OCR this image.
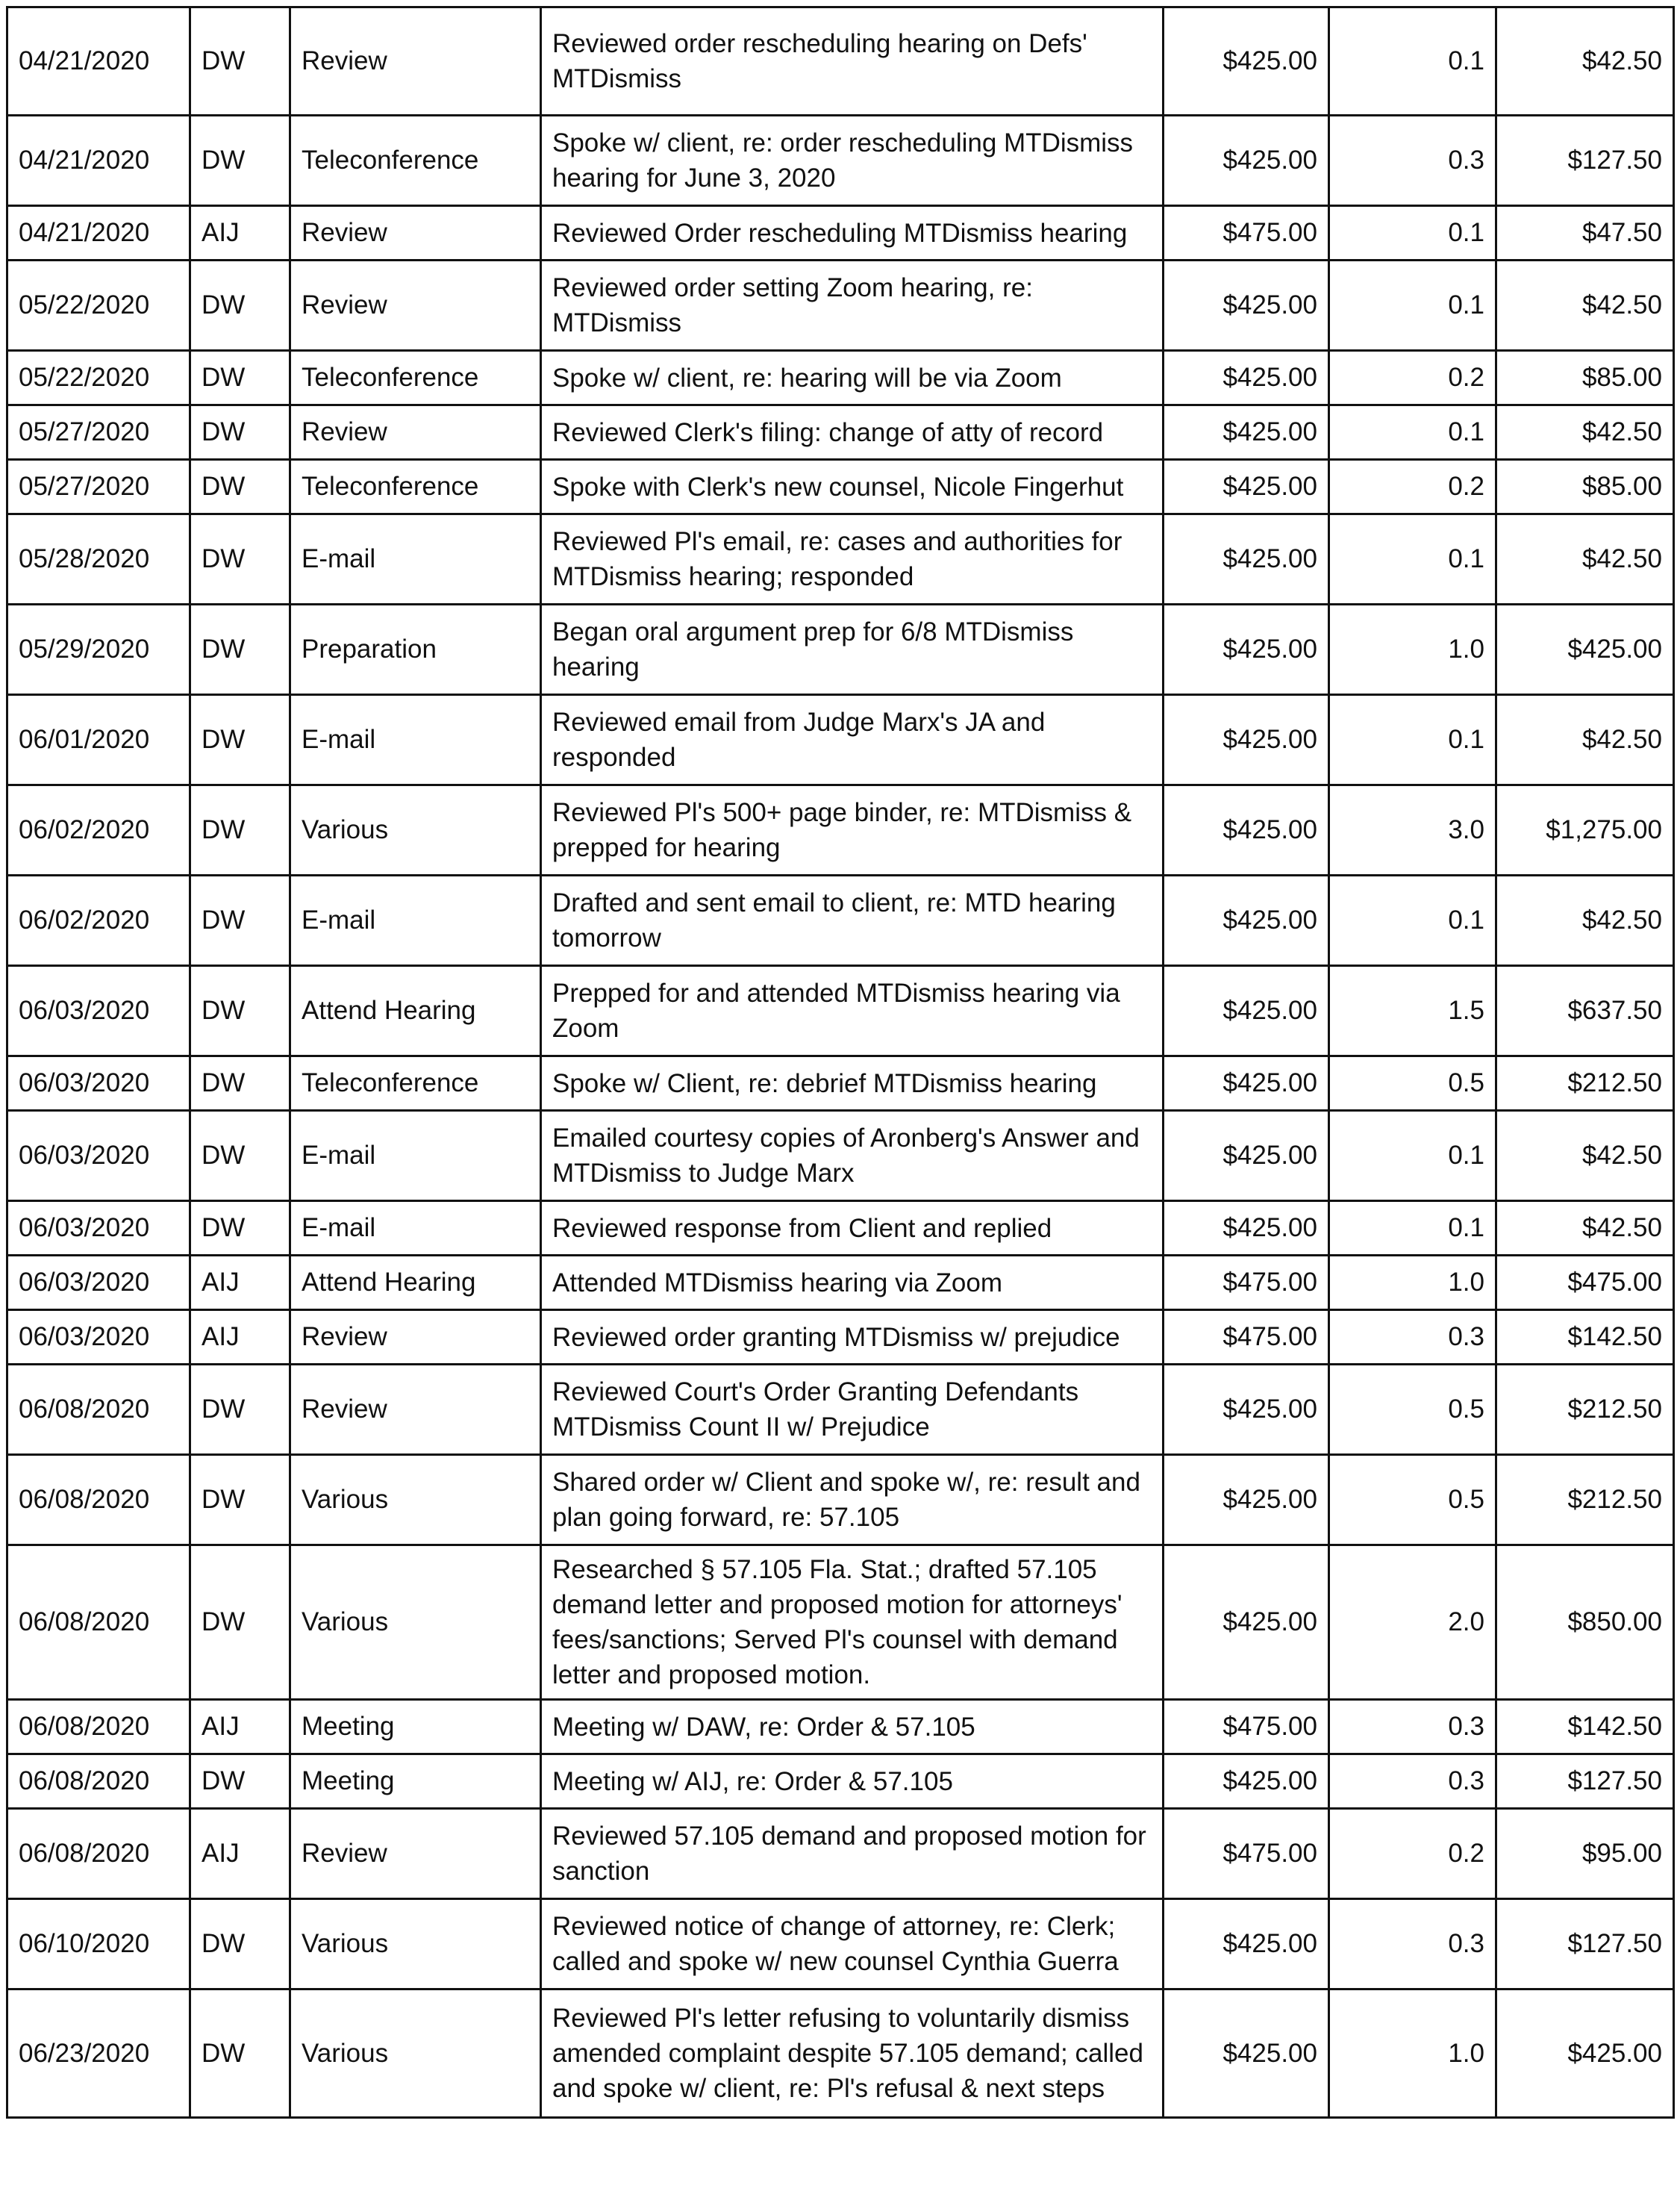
04/21/2020	DW	Review	Reviewed order rescheduling hearing on Defs' MTDismiss	$425.00	0.1	$42.50
04/21/2020	DW	Teleconference	Spoke w/ client, re: order rescheduling MTDismiss hearing for June 3, 2020	$425.00	0.3	$127.50
04/21/2020	AIJ	Review	Reviewed Order rescheduling MTDismiss hearing	$475.00	0.1	$47.50
05/22/2020	DW	Review	Reviewed order setting Zoom hearing, re: MTDismiss	$425.00	0.1	$42.50
05/22/2020	DW	Teleconference	Spoke w/ client, re: hearing will be via Zoom	$425.00	0.2	$85.00
05/27/2020	DW	Review	Reviewed Clerk's filing: change of atty of record	$425.00	0.1	$42.50
05/27/2020	DW	Teleconference	Spoke with Clerk's new counsel, Nicole Fingerhut	$425.00	0.2	$85.00
05/28/2020	DW	E-mail	Reviewed Pl's email, re: cases and authorities for MTDismiss hearing; responded	$425.00	0.1	$42.50
05/29/2020	DW	Preparation	Began oral argument prep for 6/8 MTDismiss hearing	$425.00	1.0	$425.00
06/01/2020	DW	E-mail	Reviewed email from Judge Marx's JA and responded	$425.00	0.1	$42.50
06/02/2020	DW	Various	Reviewed Pl's 500+ page binder, re: MTDismiss & prepped for hearing	$425.00	3.0	$1,275.00
06/02/2020	DW	E-mail	Drafted and sent email to client, re: MTD hearing tomorrow	$425.00	0.1	$42.50
06/03/2020	DW	Attend Hearing	Prepped for and attended MTDismiss hearing via Zoom	$425.00	1.5	$637.50
06/03/2020	DW	Teleconference	Spoke w/ Client, re: debrief MTDismiss hearing	$425.00	0.5	$212.50
06/03/2020	DW	E-mail	Emailed courtesy copies of Aronberg's Answer and MTDismiss to Judge Marx	$425.00	0.1	$42.50
06/03/2020	DW	E-mail	Reviewed response from Client and replied	$425.00	0.1	$42.50
06/03/2020	AIJ	Attend Hearing	Attended MTDismiss hearing via Zoom	$475.00	1.0	$475.00
06/03/2020	AIJ	Review	Reviewed order granting MTDismiss w/ prejudice	$475.00	0.3	$142.50
06/08/2020	DW	Review	Reviewed Court's Order Granting Defendants MTDismiss Count II w/ Prejudice	$425.00	0.5	$212.50
06/08/2020	DW	Various	Shared order w/ Client and spoke w/, re: result and plan going forward, re: 57.105	$425.00	0.5	$212.50
06/08/2020	DW	Various	Researched § 57.105 Fla. Stat.; drafted 57.105 demand letter and proposed motion for attorneys' fees/sanctions; Served Pl's counsel with demand letter and proposed motion.	$425.00	2.0	$850.00
06/08/2020	AIJ	Meeting	Meeting w/ DAW, re: Order & 57.105	$475.00	0.3	$142.50
06/08/2020	DW	Meeting	Meeting w/ AIJ, re: Order & 57.105	$425.00	0.3	$127.50
06/08/2020	AIJ	Review	Reviewed 57.105 demand and proposed motion for sanction	$475.00	0.2	$95.00
06/10/2020	DW	Various	Reviewed notice of change of attorney, re: Clerk; called and spoke w/ new counsel Cynthia Guerra	$425.00	0.3	$127.50
06/23/2020	DW	Various	Reviewed Pl's letter refusing to voluntarily dismiss amended complaint despite 57.105 demand; called and spoke w/ client, re: Pl's refusal & next steps	$425.00	1.0	$425.00
